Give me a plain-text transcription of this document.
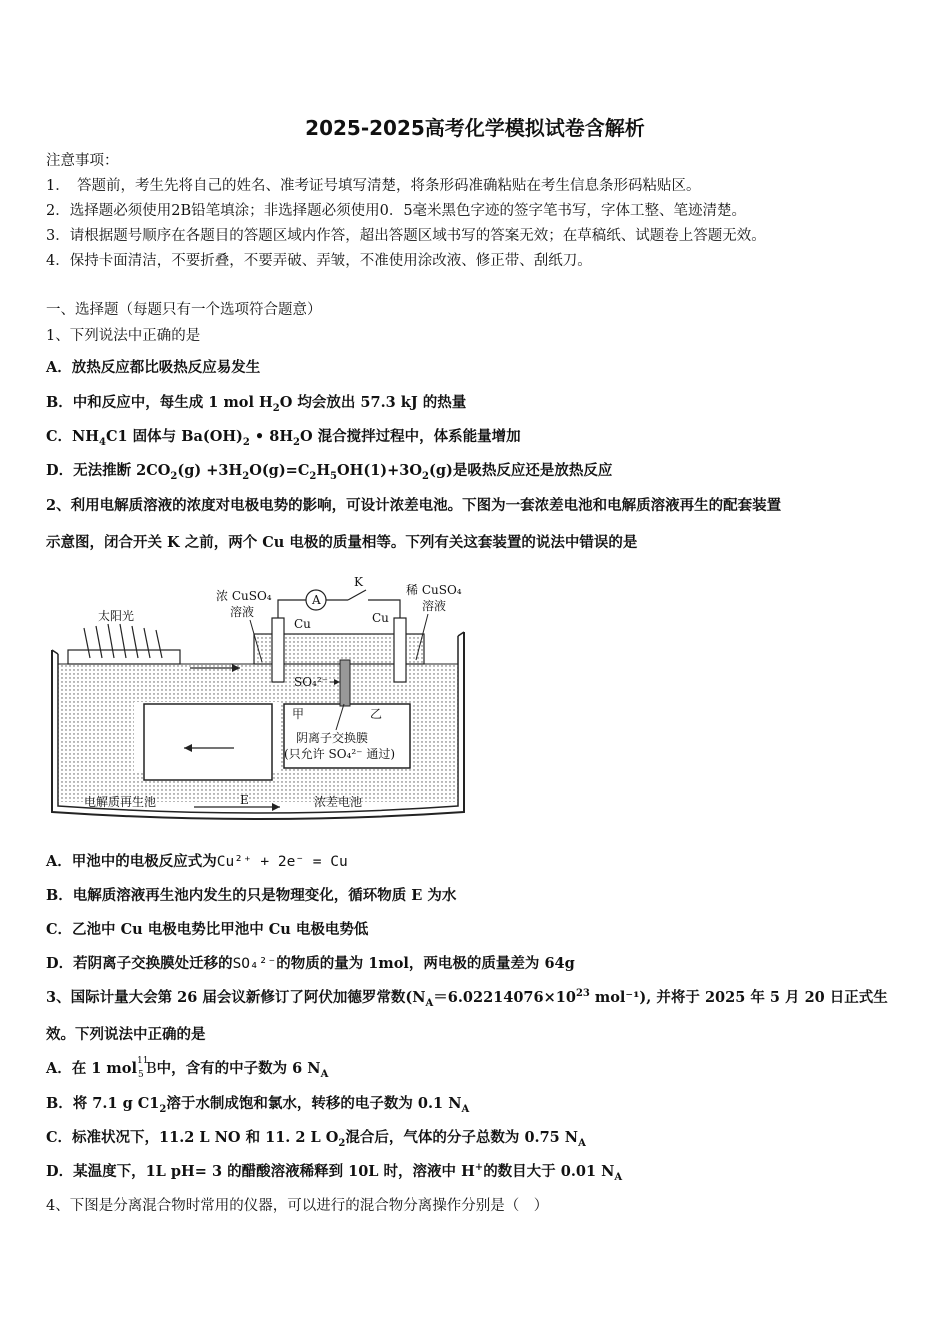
2025-2025高考化学模拟试卷含解析
注意事项：
1．　答题前，考生先将自己的姓名、准考证号填写清楚，将条形码准确粘贴在考生信息条形码粘贴区。
2．选择题必须使用2B铅笔填涂；非选择题必须使用0．5毫米黑色字迹的签字笔书写，字体工整、笔迹清楚。
3．请根据题号顺序在各题目的答题区域内作答，超出答题区域书写的答案无效；在草稿纸、试题卷上答题无效。
4．保持卡面清洁，不要折叠，不要弄破、弄皱，不准使用涂改液、修正带、刮纸刀。
一、选择题（每题只有一个选项符合题意）
1、下列说法中正确的是
A．放热反应都比吸热反应易发生
B．中和反应中，每生成 1 mol $H_2O$ 均会放出 57.3 kJ 的热量
C．$NH_4C1$ 固体与 $Ba(OH)_2$ • $8H_2O$ 混合搅拌过程中，体系能量增加
D．无法推断 $2CO_2(g) +3H_2O(g)=C_2H_5OH(1)+3O_2(g)$是吸热反应还是放热反应
2、利用电解质溶液的浓度对电极电势的影响，可设计浓差电池。下图为一套浓差电池和电解质溶液再生的配套装置
示意图，闭合开关 K 之前，两个 Cu 电极的质量相等。下列有关这套装置的说法中错误的是
太阳光
A
K
浓 CuSO₄
溶液
稀 CuSO₄
溶液
Cu	Cu
SO₄²⁻
甲	乙
阴离子交换膜
(只允许 SO₄²⁻ 通过)
电解质再生池	E	浓差电池
A．甲池中的电极反应式为Cu²⁺ + 2e⁻ = Cu
B．电解质溶液再生池内发生的只是物理变化，循环物质 E 为水
C．乙池中 Cu 电极电势比甲池中 Cu 电极电势低
D．若阴离子交换膜处迁移的SO₄²⁻的物质的量为 1mol，两电极的质量差为 64g
3、国际计量大会第 26 届会议新修订了阿伏加德罗常数($N_A=6.02214076\times 10^{23}$ mol⁻¹), 并将于 2025 年 5 月 20 日正式生
效。下列说法中正确的是
A．在 1 mol 11
5 B中，含有的中子数为 6 $N_A$
B．将 7.1 g $C1_2$溶于水制成饱和氯水，转移的电子数为 0.1 $N_A$
C．标准状况下，11.2 L NO 和 11. 2 L $O_2$混合后，气体的分子总数为 0.75 $N_A$
D．某温度下，1L pH= 3 的醋酸溶液稀释到 10L 时，溶液中 H+的数目大于 0.01 $N_A$
4、下图是分离混合物时常用的仪器，可以进行的混合物分离操作分别是（　）
